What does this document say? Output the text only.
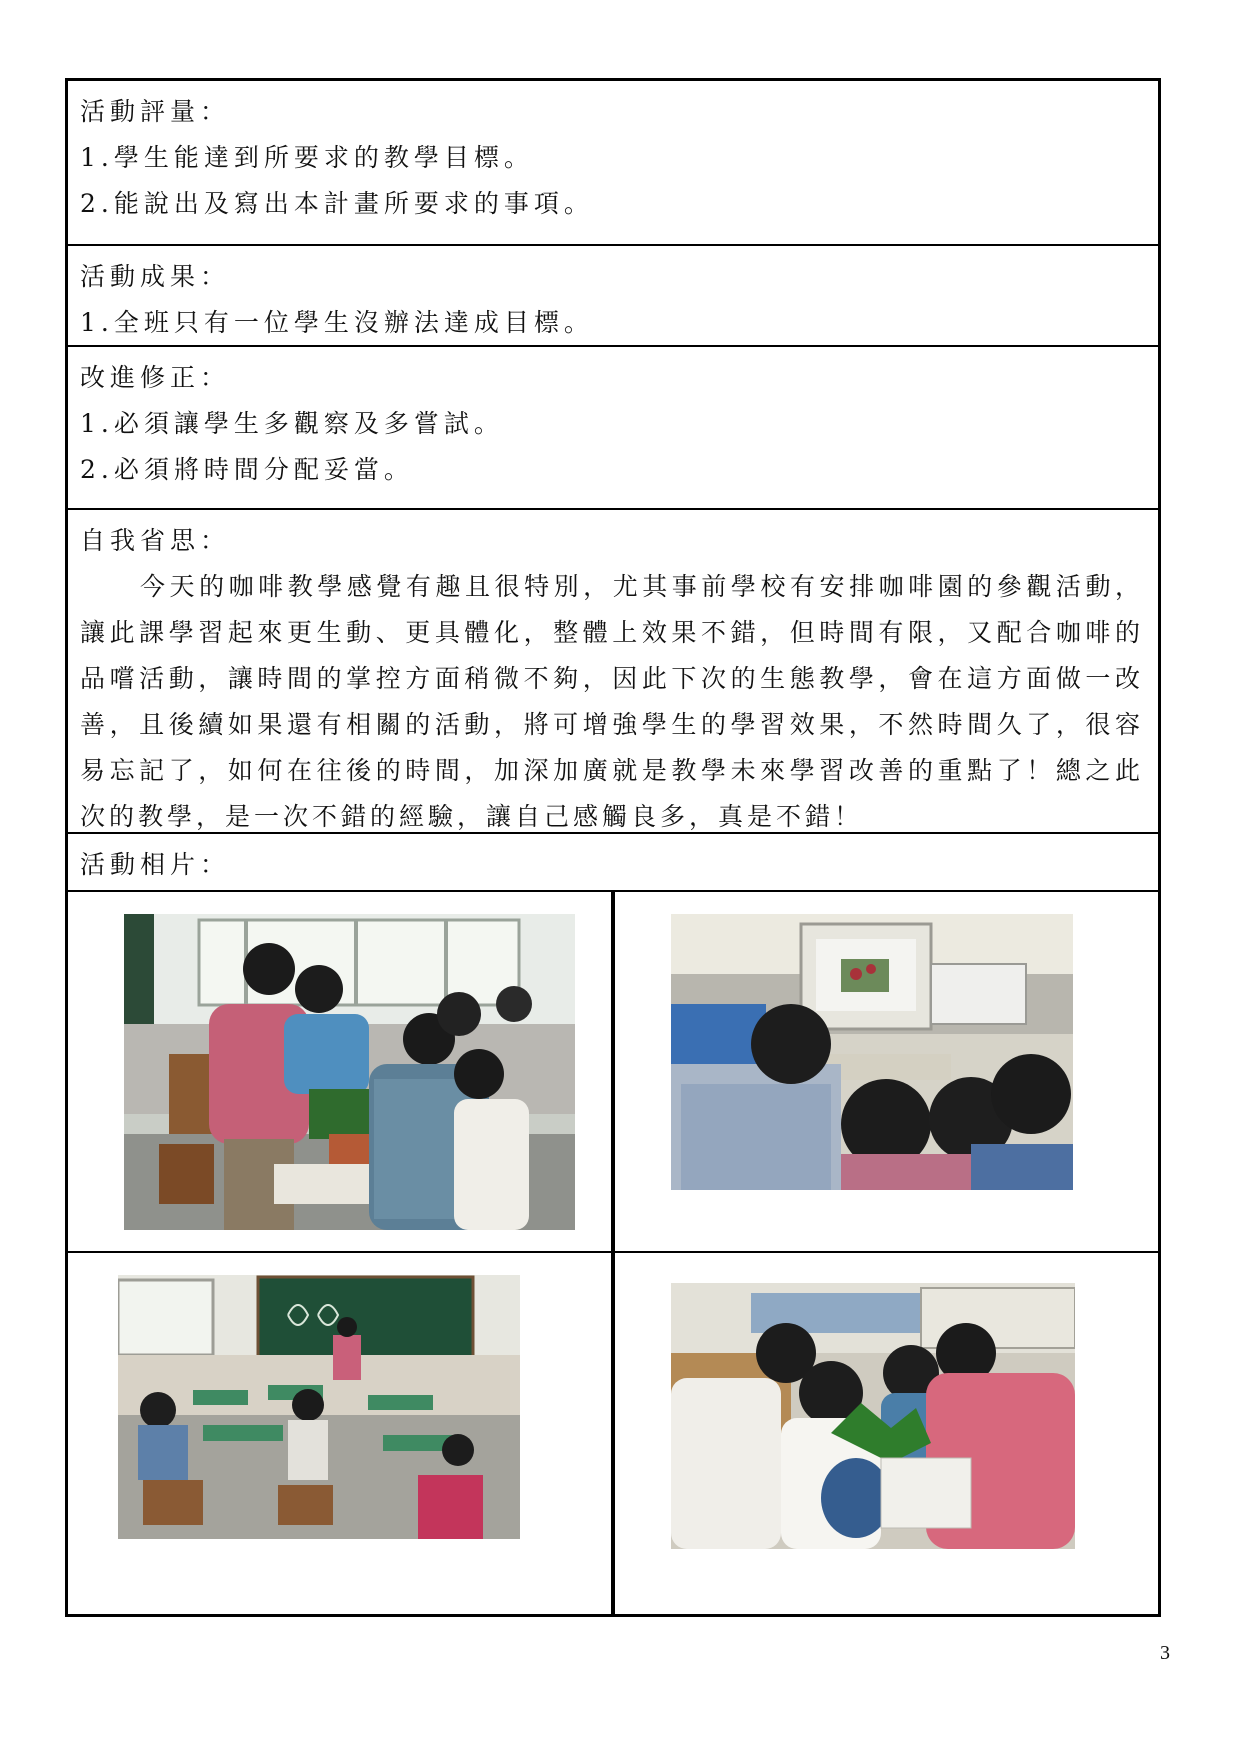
活動評量：
1.學生能達到所要求的教學目標。
2.能說出及寫出本計畫所要求的事項。
活動成果：
1.全班只有一位學生沒辦法達成目標。
改進修正：
1.必須讓學生多觀察及多嘗試。
2.必須將時間分配妥當。
自我省思：

今天的咖啡教學感覺有趣且很特別，尤其事前學校有安排咖啡園的參觀活動，讓此課學習起來更生動、更具體化，整體上效果不錯，但時間有限，又配合咖啡的品嚐活動，讓時間的掌控方面稍微不夠，因此下次的生態教學，會在這方面做一改善，且後續如果還有相關的活動，將可增強學生的學習效果，不然時間久了，很容易忘記了，如何在往後的時間，加深加廣就是教學未來學習改善的重點了！總之此次的教學，是一次不錯的經驗，讓自己感觸良多，真是不錯！

活動相片：
3
